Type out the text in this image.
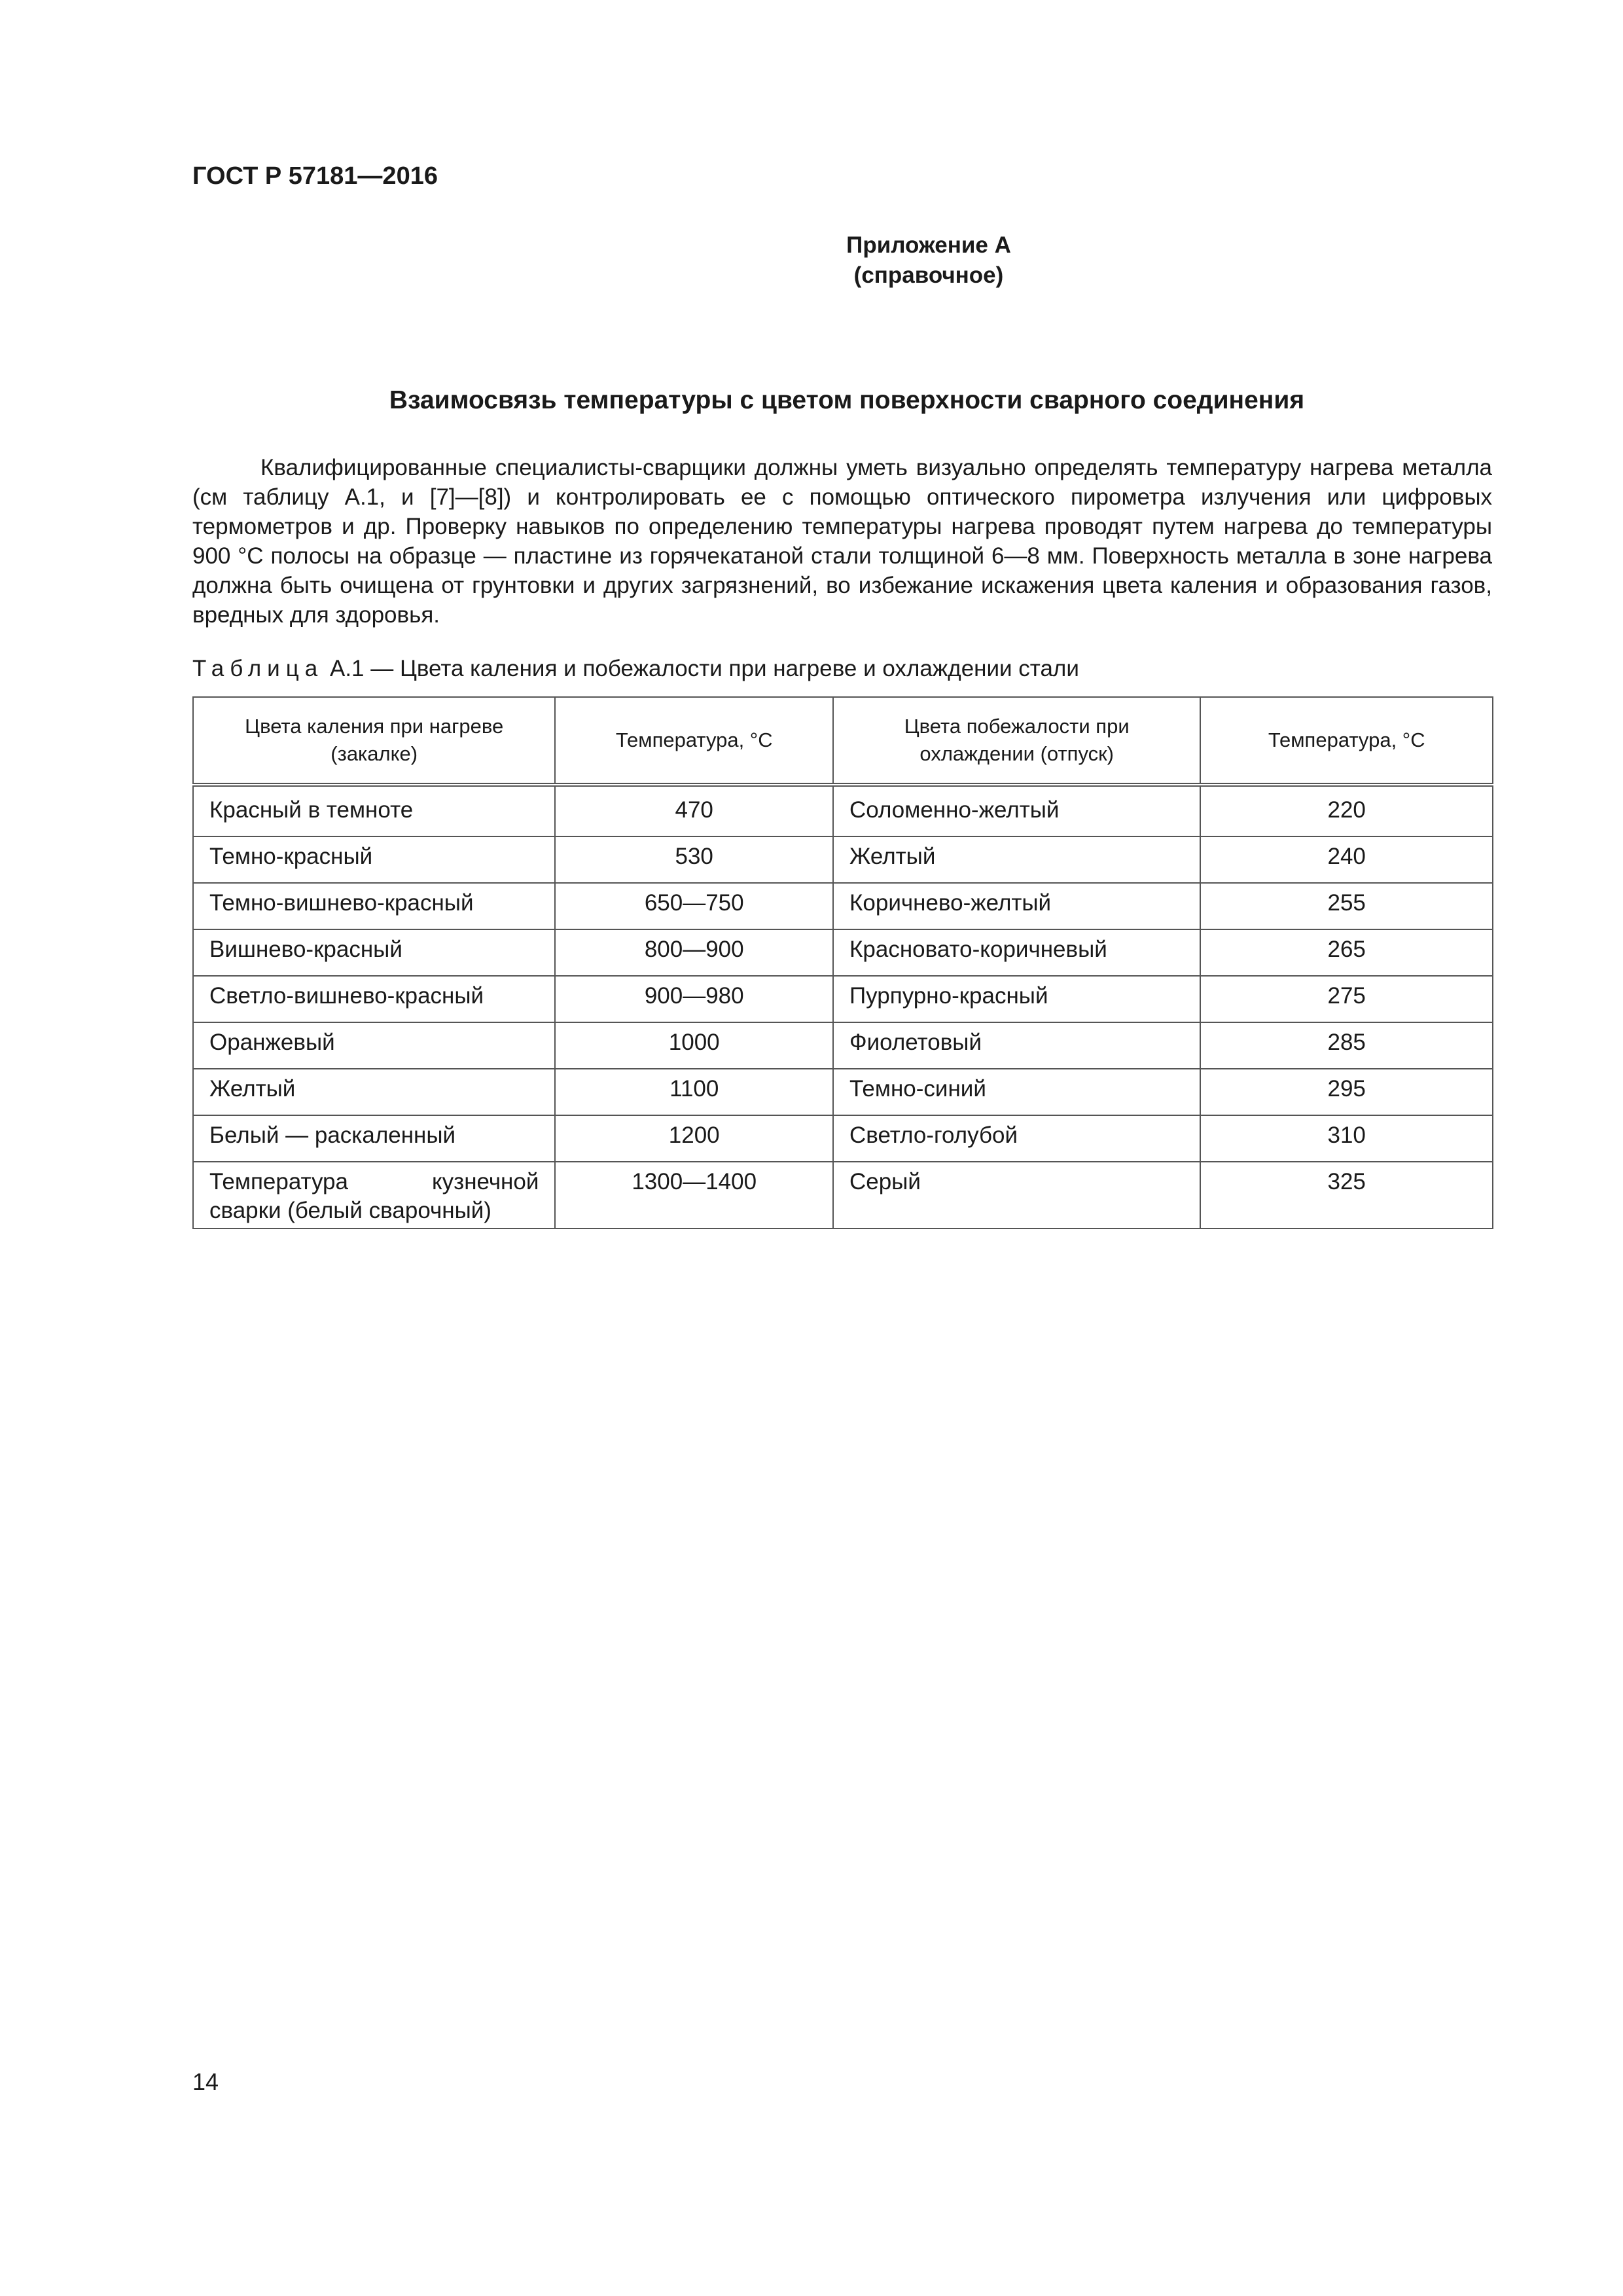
ГОСТ Р 57181—2016
Приложение А
(справочное)
Взаимосвязь температуры с цветом поверхности сварного соединения

Квалифицированные специалисты-сварщики должны уметь визуально определять температуру нагрева металла (см таблицу А.1, и [7]—[8]) и контролировать ее с помощью оптического пирометра излучения или цифровых термометров и др. Проверку навыков по определению температуры нагрева проводят путем нагрева до температуры 900 °С полосы на образце — пластине из горячекатаной стали толщиной 6—8 мм. Поверхность металла в зоне нагрева должна быть очищена от грунтовки и других загрязнений, во избежание искажения цвета каления и образования газов, вредных для здоровья.

Таблица А.1 — Цвета каления и побежалости при нагреве и охлаждении стали
Цвета каления при нагреве (закалке)	Температура, °С	Цвета побежалости при охлаждении (отпуск)	Температура, °С
Красный в темноте	470	Соломенно-желтый	220
Темно-красный	530	Желтый	240
Темно-вишнево-красный	650—750	Коричнево-желтый	255
Вишнево-красный	800—900	Красновато-коричневый	265
Светло-вишнево-красный	900—980	Пурпурно-красный	275
Оранжевый	1000	Фиолетовый	285
Желтый	1100	Темно-синий	295
Белый — раскаленный	1200	Светло-голубой	310
Температура кузнечной сварки (белый сварочный)	1300—1400	Серый	325
14
